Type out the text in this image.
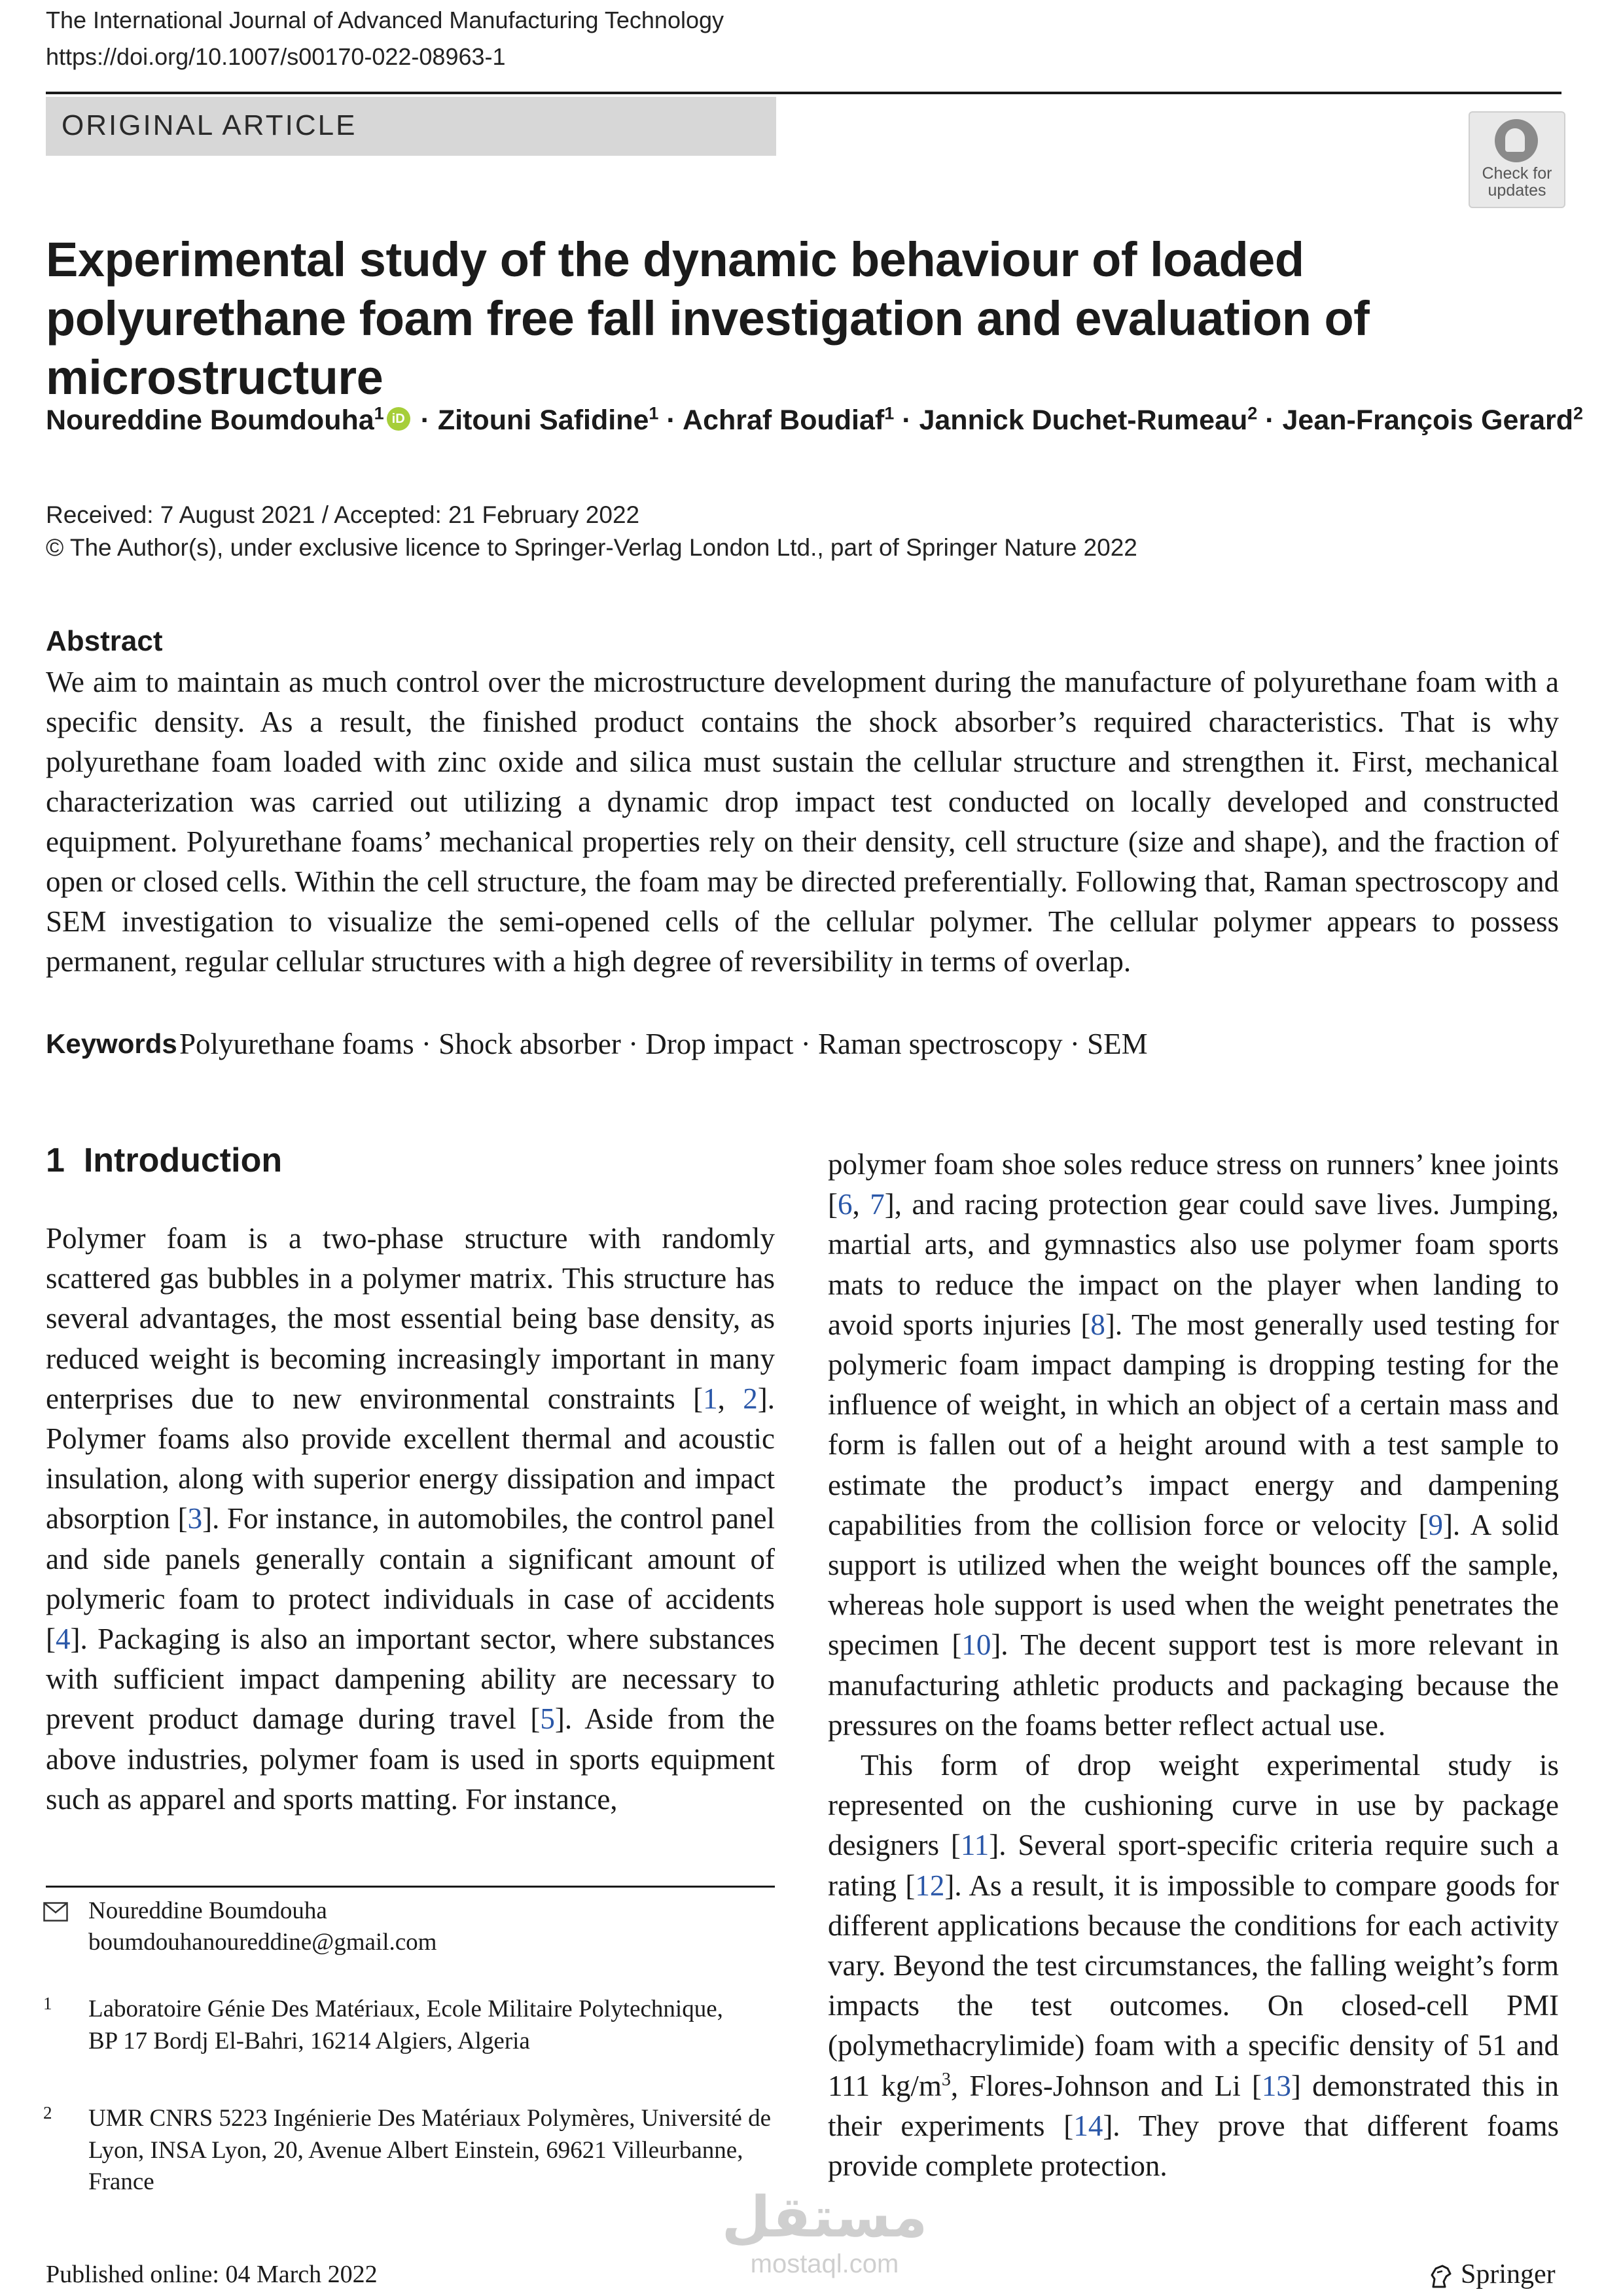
The International Journal of Advanced Manufacturing Technology
https://doi.org/10.1007/s00170-022-08963-1
ORIGINAL ARTICLE
Check for
updates
Experimental study of the dynamic behaviour of loaded polyurethane foam free fall investigation and evaluation of microstructure
Noureddine Boumdouha$^1$ iD · Zitouni Safidine$^1$ · Achraf Boudiaf$^1$ · Jannick Duchet-Rumeau$^2$ · Jean-François Gerard$^2$
Received: 7 August 2021 / Accepted: 21 February 2022
© The Author(s), under exclusive licence to Springer-Verlag London Ltd., part of Springer Nature 2022
Abstract
We aim to maintain as much control over the microstructure development during the manufacture of polyurethane foam with a specific density. As a result, the finished product contains the shock absorber’s required characteristics. That is why polyurethane foam loaded with zinc oxide and silica must sustain the cellular structure and strengthen it. First, mechanical characterization was carried out utilizing a dynamic drop impact test conducted on locally developed and constructed equipment. Polyurethane foams’ mechanical properties rely on their density, cell structure (size and shape), and the fraction of open or closed cells. Within the cell structure, the foam may be directed preferentially. Following that, Raman spectroscopy and SEM investigation to visualize the semi-opened cells of the cellular polymer. The cellular polymer appears to possess permanent, regular cellular structures with a high degree of reversibility in terms of overlap.
Keywords Polyurethane foams · Shock absorber · Drop impact · Raman spectroscopy · SEM
1 Introduction

Polymer foam is a two-phase structure with randomly scattered gas bubbles in a polymer matrix. This structure has several advantages, the most essential being base density, as reduced weight is becoming increasingly important in many enterprises due to new environmental constraints [1, 2]. Polymer foams also provide excellent thermal and acoustic insulation, along with superior energy dissipation and impact absorption [3]. For instance, in automobiles, the control panel and side panels generally contain a significant amount of polymeric foam to protect individuals in case of accidents [4]. Packaging is also an important sector, where substances with sufficient impact dampening ability are necessary to prevent product damage during travel [5]. Aside from the above industries, polymer foam is used in sports equipment such as apparel and sports matting. For instance,

polymer foam shoe soles reduce stress on runners’ knee joints [6, 7], and racing protection gear could save lives. Jumping, martial arts, and gymnastics also use polymer foam sports mats to reduce the impact on the player when landing to avoid sports injuries [8]. The most generally used testing for polymeric foam impact damping is dropping testing for the influence of weight, in which an object of a certain mass and form is fallen out of a height around with a test sample to estimate the product’s impact energy and dampening capabilities from the collision force or velocity [9]. A solid support is utilized when the weight bounces off the sample, whereas hole support is used when the weight penetrates the specimen [10]. The decent support test is more relevant in manufacturing athletic products and packaging because the pressures on the foams better reflect actual use.

This form of drop weight experimental study is represented on the cushioning curve in use by package designers [11]. Several sport-specific criteria require such a rating [12]. As a result, it is impossible to compare goods for different applications because the conditions for each activity vary. Beyond the test circumstances, the falling weight’s form impacts the test outcomes. On closed-cell PMI (polymethacrylimide) foam with a specific density of 51 and 111 $kg/m^3$, Flores-Johnson and Li [13] demonstrated this in their experiments [14]. They prove that different foams provide complete protection.

Noureddine Boumdouha
boumdouhanoureddine@gmail.com
1 Laboratoire Génie Des Matériaux, Ecole Militaire Polytechnique, BP 17 Bordj El-Bahri, 16214 Algiers, Algeria
2 UMR CNRS 5223 Ingénierie Des Matériaux Polymères, Université de Lyon, INSA Lyon, 20, Avenue Albert Einstein, 69621 Villeurbanne, France
مستقل
mostaql.com
Published online: 04 March 2022	Springer
